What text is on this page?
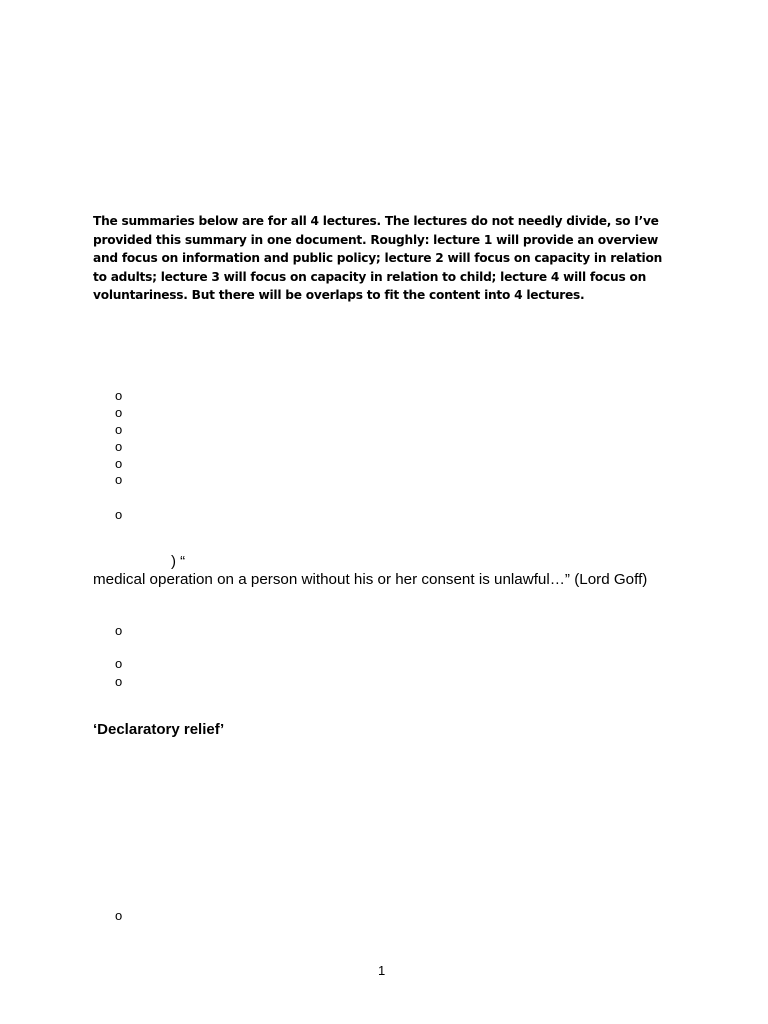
The summaries below are for all 4 lectures. The lectures do not needly divide, so I’ve provided this summary in one document. Roughly: lecture 1 will provide an overview and focus on information and public policy; lecture 2 will focus on capacity in relation to adults; lecture 3 will focus on capacity in relation to child; lecture 4 will focus on voluntariness. But there will be overlaps to fit the content into 4 lectures.

o
o
o
o
o
o
o
) “

medical operation on a person without his or her consent is unlawful…” (Lord Goff)

o
o
o

‘Declaratory relief’

o
1
